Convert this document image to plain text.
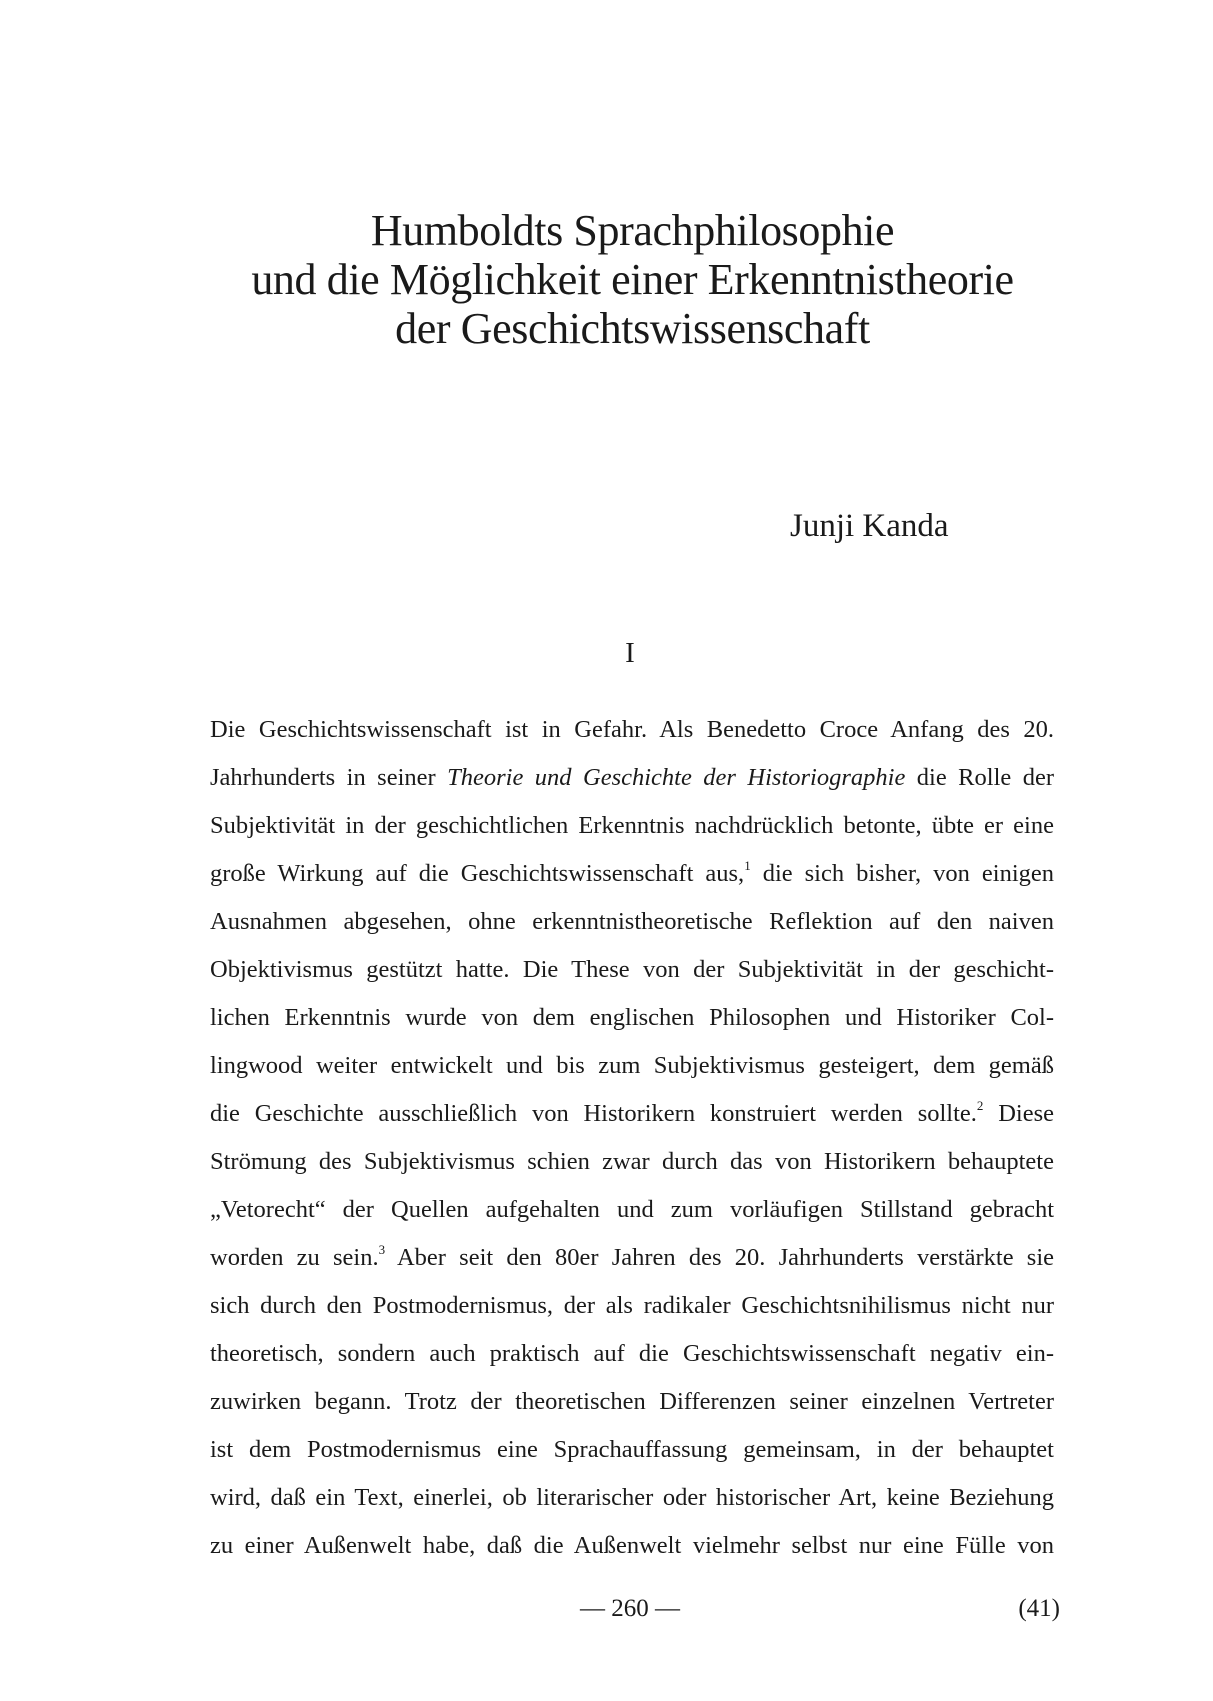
Humboldts Sprachphilosophie
und die Möglichkeit einer Erkenntnistheorie
der Geschichtswissenschaft
Junji Kanda
I
Die Geschichtswissenschaft ist in Gefahr. Als Benedetto Croce Anfang des 20.
Jahrhunderts in seiner Theorie und Geschichte der Historiographie die Rolle der
Subjektivität in der geschichtlichen Erkenntnis nachdrücklich betonte, übte er eine
große Wirkung auf die Geschichtswissenschaft aus,$^1$ die sich bisher, von einigen
Ausnahmen abgesehen, ohne erkenntnistheoretische Reflektion auf den naiven
Objektivismus gestützt hatte. Die These von der Subjektivität in der geschicht-
lichen Erkenntnis wurde von dem englischen Philosophen und Historiker Col-
lingwood weiter entwickelt und bis zum Subjektivismus gesteigert, dem gemäß
die Geschichte ausschließlich von Historikern konstruiert werden sollte.$^2$ Diese
Strömung des Subjektivismus schien zwar durch das von Historikern behauptete
„Vetorecht“ der Quellen aufgehalten und zum vorläufigen Stillstand gebracht
worden zu sein.$^3$ Aber seit den 80er Jahren des 20. Jahrhunderts verstärkte sie
sich durch den Postmodernismus, der als radikaler Geschichtsnihilismus nicht nur
theoretisch, sondern auch praktisch auf die Geschichtswissenschaft negativ ein-
zuwirken begann. Trotz der theoretischen Differenzen seiner einzelnen Vertreter
ist dem Postmodernismus eine Sprachauffassung gemeinsam, in der behauptet
wird, daß ein Text, einerlei, ob literarischer oder historischer Art, keine Beziehung
zu einer Außenwelt habe, daß die Außenwelt vielmehr selbst nur eine Fülle von
— 260 —	(41)
